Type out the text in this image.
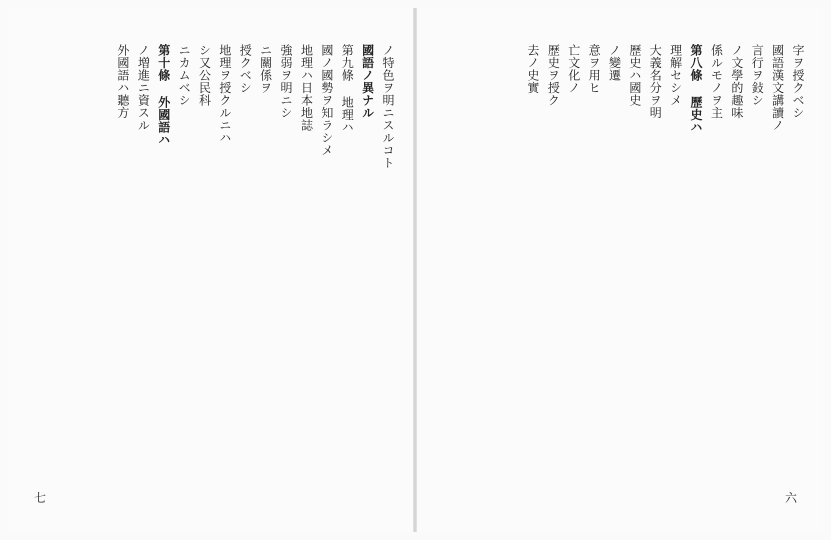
ノ特色ヲ明ニスルコト
國語ノ異ナル
第九條 地理ハ
國ノ國勢ヲ知ラシメ
地理ハ日本地誌
強弱ヲ明ニシ
ニ關係ヲ
授クベシ
地理ヲ授クルニハ
シ又公民科
ニカムベシ
第十條 外國語ハ
ノ増進ニ資スル
外國語ハ聽方
七
字ヲ授クベシ
國語漢文講讀ノ
言行ヲ鈙シ
ノ文學的趣味
係ルモノヲ主
第八條 歷史ハ
理解セシメ
大義名分ヲ明
歷史ハ國史
ノ變遷
意ヲ用ヒ
亡文化ノ
歷史ヲ授ク
去ノ史實
六
